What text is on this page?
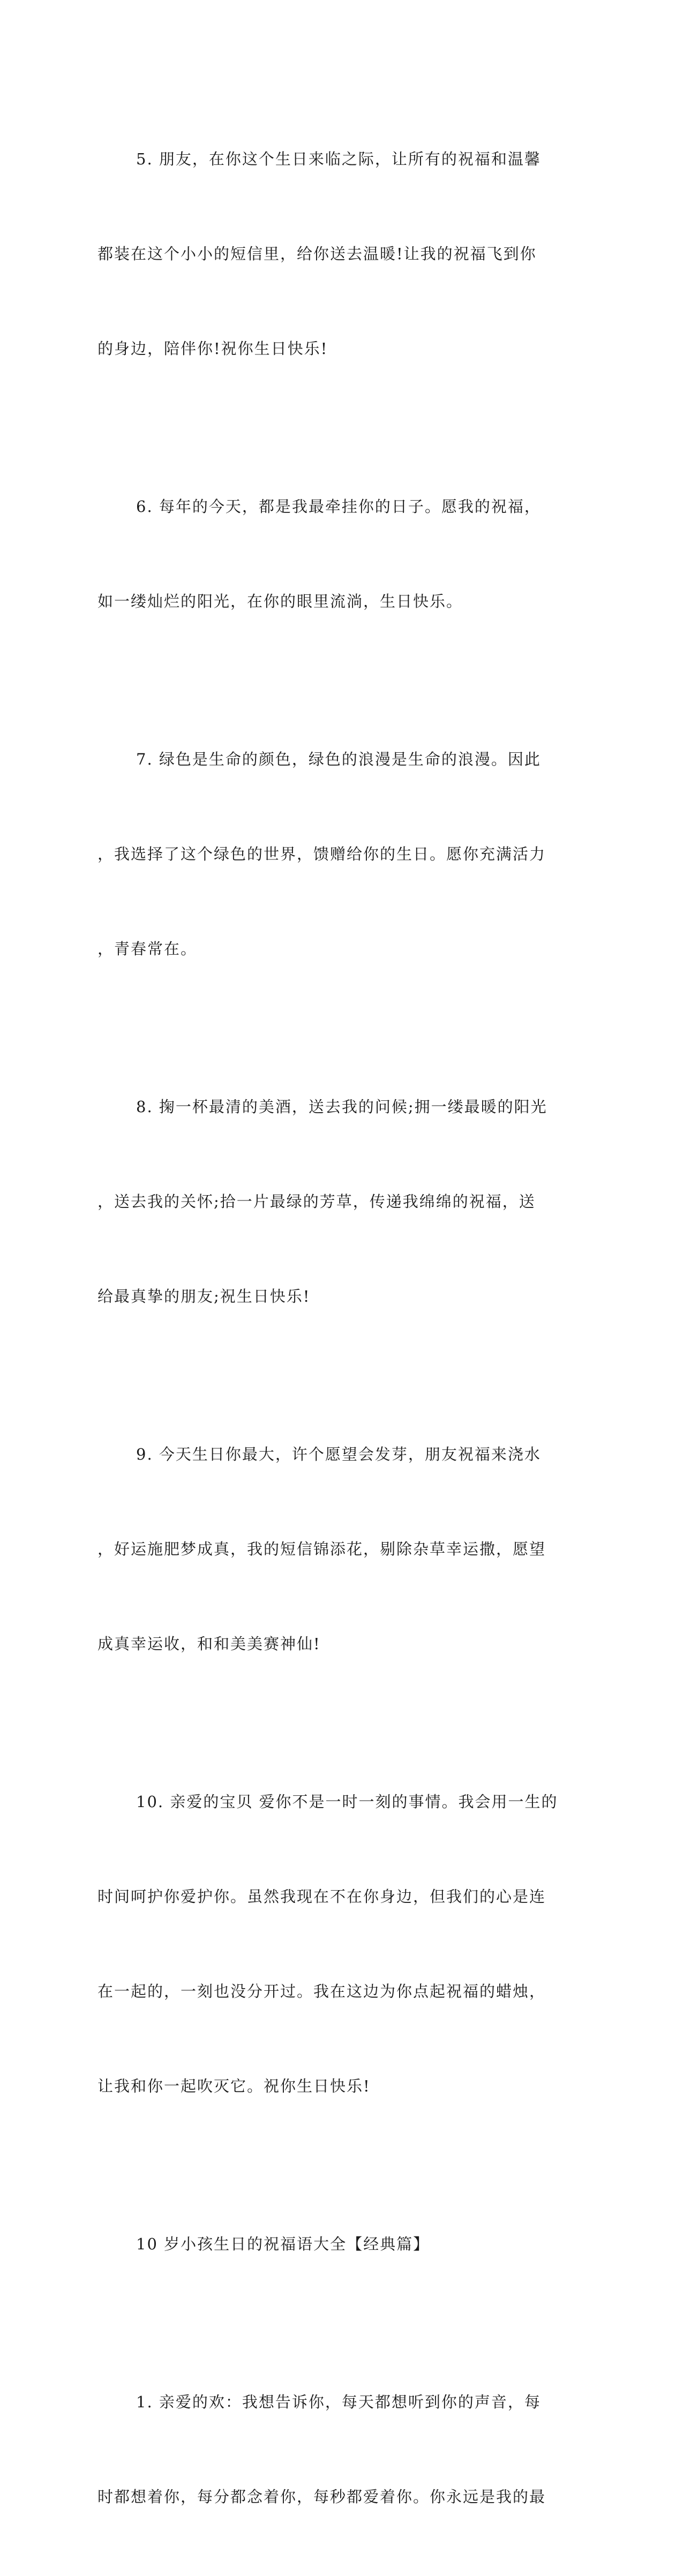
5. 朋友，在你这个生日来临之际，让所有的祝福和温馨

都装在这个小小的短信里，给你送去温暖!让我的祝福飞到你

的身边，陪伴你!祝你生日快乐!

6. 每年的今天，都是我最牵挂你的日子。愿我的祝福，

如一缕灿烂的阳光，在你的眼里流淌，生日快乐。

7. 绿色是生命的颜色，绿色的浪漫是生命的浪漫。因此

，我选择了这个绿色的世界，馈赠给你的生日。愿你充满活力

，青春常在。

8. 掬一杯最清的美酒，送去我的问候;拥一缕最暖的阳光

，送去我的关怀;拾一片最绿的芳草，传递我绵绵的祝福，送

给最真挚的朋友;祝生日快乐!

9. 今天生日你最大，许个愿望会发芽，朋友祝福来浇水

，好运施肥梦成真，我的短信锦添花，剔除杂草幸运撒，愿望

成真幸运收，和和美美赛神仙!

10. 亲爱的宝贝 爱你不是一时一刻的事情。我会用一生的

时间呵护你爱护你。虽然我现在不在你身边，但我们的心是连

在一起的，一刻也没分开过。我在这边为你点起祝福的蜡烛，

让我和你一起吹灭它。祝你生日快乐!

10 岁小孩生日的祝福语大全【经典篇】

1. 亲爱的欢：我想告诉你，每天都想听到你的声音，每

时都想着你，每分都念着你，每秒都爱着你。你永远是我的最
